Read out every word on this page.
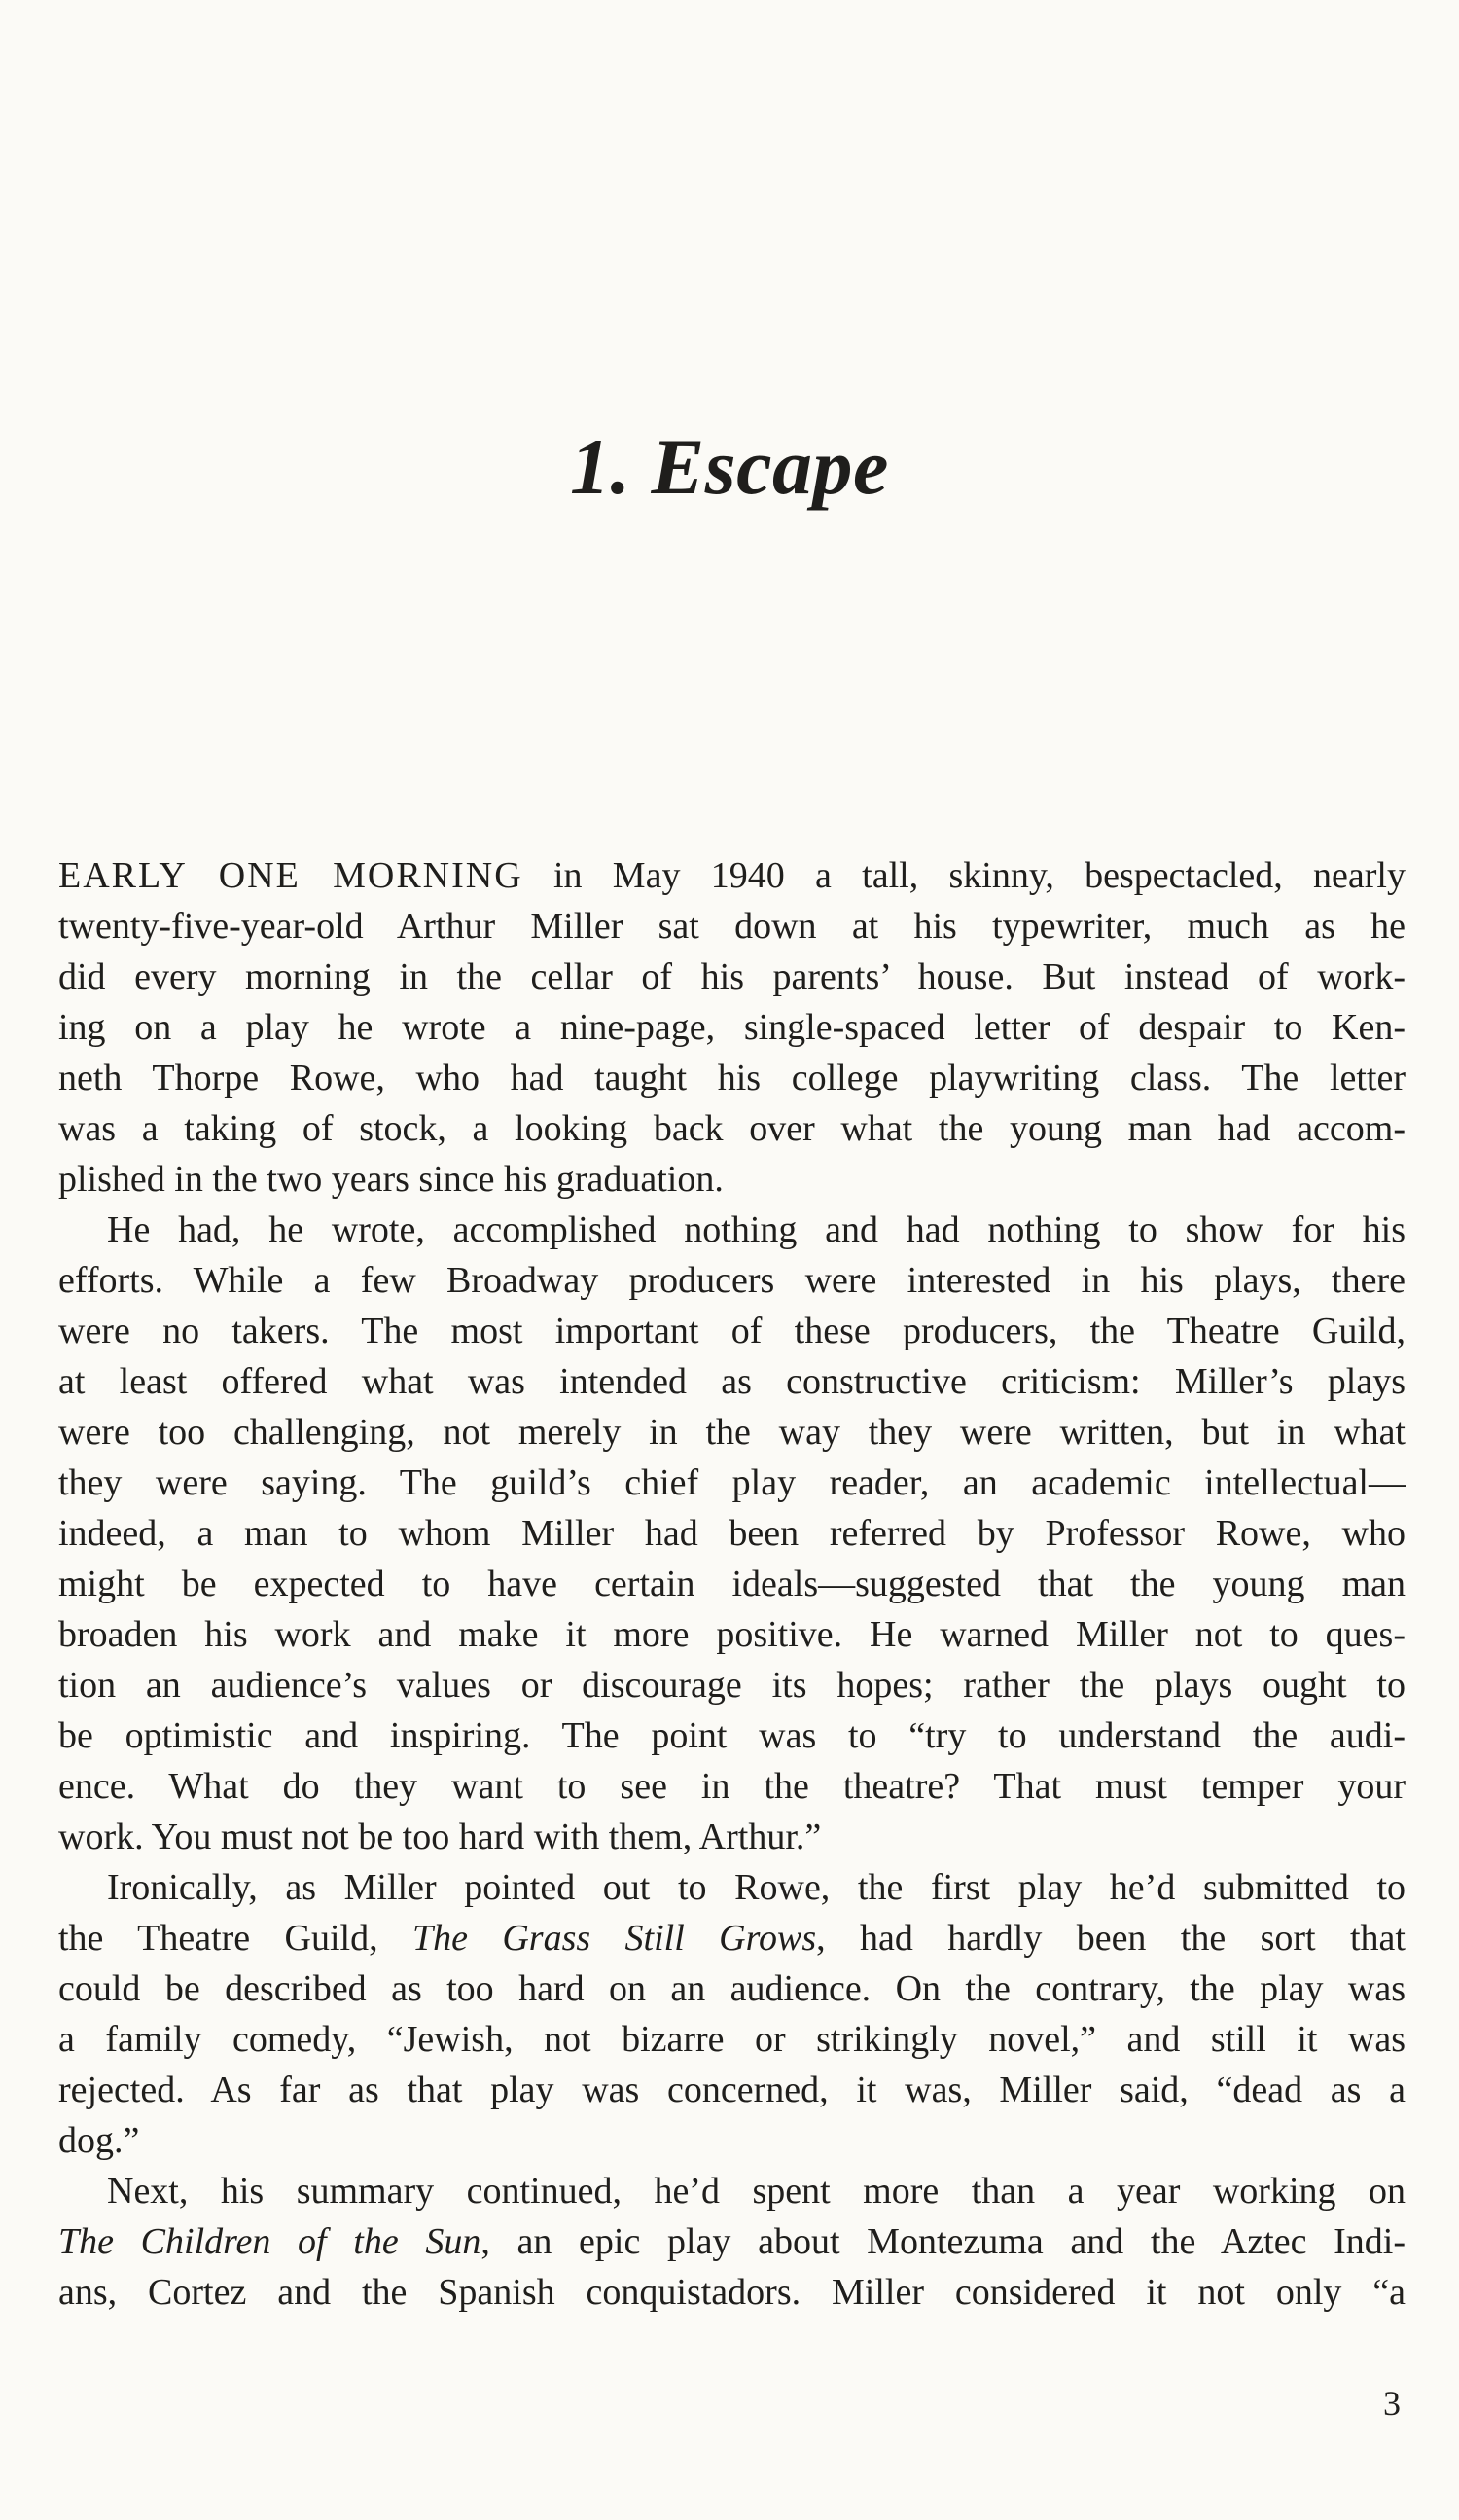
1. Escape

EARLY ONE MORNING in May 1940 a tall, skinny, bespectacled, nearly
twenty-five-year-old Arthur Miller sat down at his typewriter, much as he
did every morning in the cellar of his parents’ house. But instead of work-
ing on a play he wrote a nine-page, single-spaced letter of despair to Ken-
neth Thorpe Rowe, who had taught his college playwriting class. The letter
was a taking of stock, a looking back over what the young man had accom-
plished in the two years since his graduation.

He had, he wrote, accomplished nothing and had nothing to show for his
efforts. While a few Broadway producers were interested in his plays, there
were no takers. The most important of these producers, the Theatre Guild,
at least offered what was intended as constructive criticism: Miller’s plays
were too challenging, not merely in the way they were written, but in what
they were saying. The guild’s chief play reader, an academic intellectual—
indeed, a man to whom Miller had been referred by Professor Rowe, who
might be expected to have certain ideals—suggested that the young man
broaden his work and make it more positive. He warned Miller not to ques-
tion an audience’s values or discourage its hopes; rather the plays ought to
be optimistic and inspiring. The point was to “try to understand the audi-
ence. What do they want to see in the theatre? That must temper your
work. You must not be too hard with them, Arthur.”

Ironically, as Miller pointed out to Rowe, the first play he’d submitted to
the Theatre Guild, The Grass Still Grows, had hardly been the sort that
could be described as too hard on an audience. On the contrary, the play was
a family comedy, “Jewish, not bizarre or strikingly novel,” and still it was
rejected. As far as that play was concerned, it was, Miller said, “dead as a
dog.”

Next, his summary continued, he’d spent more than a year working on
The Children of the Sun, an epic play about Montezuma and the Aztec Indi-
ans, Cortez and the Spanish conquistadors. Miller considered it not only “a

3
